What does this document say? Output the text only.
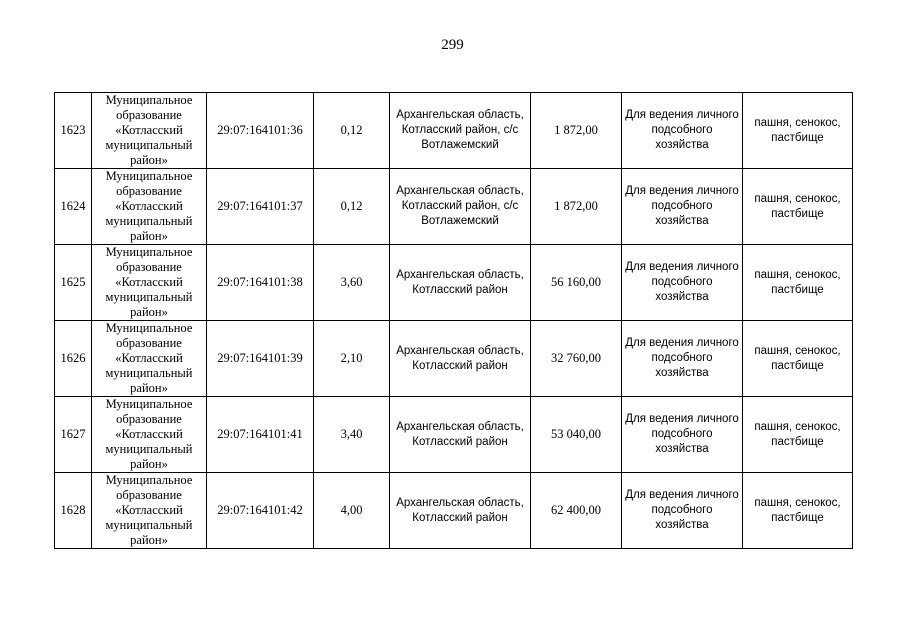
299
1623	Муниципальное образование «Котласский муниципальный район»	29:07:164101:36	0,12	Архангельская область, Котласский район, с/с Вотлажемский	1 872,00	Для ведения личного подсобного хозяйства	пашня, сенокос, пастбище
1624	Муниципальное образование «Котласский муниципальный район»	29:07:164101:37	0,12	Архангельская область, Котласский район, с/с Вотлажемский	1 872,00	Для ведения личного подсобного хозяйства	пашня, сенокос, пастбище
1625	Муниципальное образование «Котласский муниципальный район»	29:07:164101:38	3,60	Архангельская область, Котласский район	56 160,00	Для ведения личного подсобного хозяйства	пашня, сенокос, пастбище
1626	Муниципальное образование «Котласский муниципальный район»	29:07:164101:39	2,10	Архангельская область, Котласский район	32 760,00	Для ведения личного подсобного хозяйства	пашня, сенокос, пастбище
1627	Муниципальное образование «Котласский муниципальный район»	29:07:164101:41	3,40	Архангельская область, Котласский район	53 040,00	Для ведения личного подсобного хозяйства	пашня, сенокос, пастбище
1628	Муниципальное образование «Котласский муниципальный район»	29:07:164101:42	4,00	Архангельская область, Котласский район	62 400,00	Для ведения личного подсобного хозяйства	пашня, сенокос, пастбище
